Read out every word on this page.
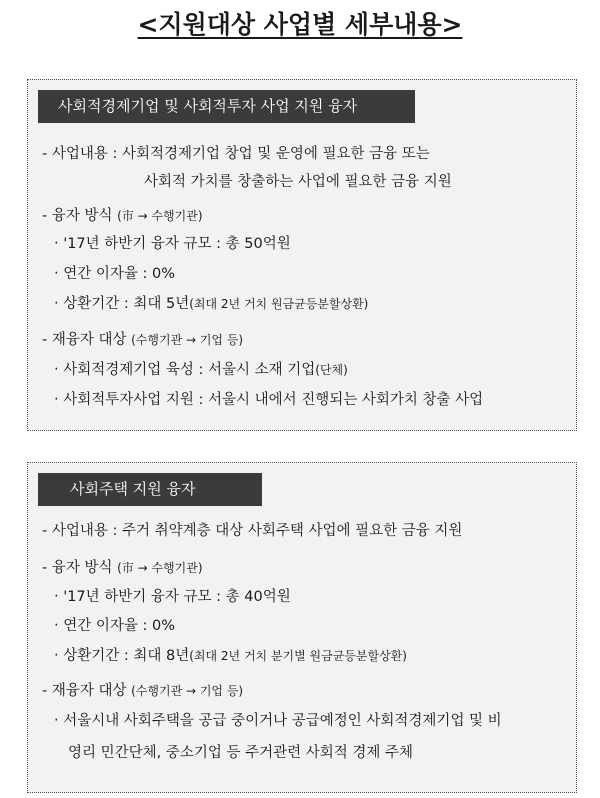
<지원대상 사업별 세부내용>
사회적경제기업 및 사회적투자 사업 지원 융자
- 사업내용 : 사회적경제기업 창업 및 운영에 필요한 금융 또는
사회적 가치를 창출하는 사업에 필요한 금융 지원
- 융자 방식 (市 → 수행기관)
‧ '17년 하반기 융자 규모 : 총 50억원
‧ 연간 이자율 : 0%
‧ 상환기간 : 최대 5년(최대 2년 거치 원금균등분할상환)
- 재융자 대상 (수행기관 → 기업 등)
‧ 사회적경제기업 육성 : 서울시 소재 기업(단체)
‧ 사회적투자사업 지원 : 서울시 내에서 진행되는 사회가치 창출 사업
사회주택 지원 융자
- 사업내용 : 주거 취약계층 대상 사회주택 사업에 필요한 금융 지원
- 융자 방식 (市 → 수행기관)
‧ '17년 하반기 융자 규모 : 총 40억원
‧ 연간 이자율 : 0%
‧ 상환기간 : 최대 8년(최대 2년 거치 분기별 원금균등분할상환)
- 재융자 대상 (수행기관 → 기업 등)
‧ 서울시내 사회주택을 공급 중이거나 공급예정인 사회적경제기업 및 비
영리 민간단체, 중소기업 등 주거관련 사회적 경제 주체
